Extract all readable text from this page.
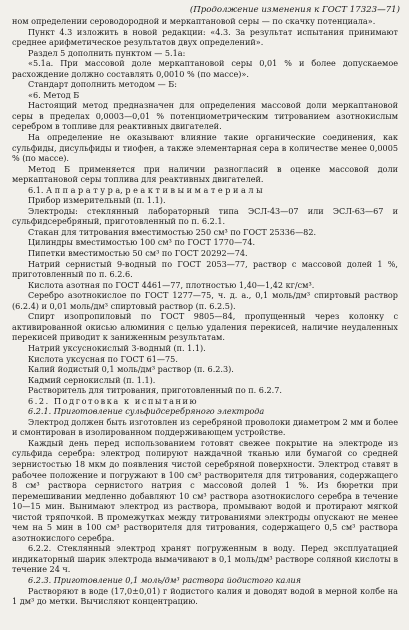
(Продолжение изменения к ГОСТ 17323—71)

ном определении сероводородной и меркаптановой серы — по скачку потенциала».

Пункт 4.3 изложить в новой редакции: «4.3. За результат испытания принимают среднее арифметическое результатов двух определений».

Раздел 5 дополнить пунктом — 5.1а:

«5.1а. При массовой доле меркаптановой серы 0,01 % и более допускаемое расхождение должно составлять 0,0010 % (по массе)».

Стандарт дополнить методом — Б:

«6. Метод Б

Настоящий метод предназначен для определения массовой доли меркаптановой серы в пределах 0,0003—0,01 % потенциометрическим титрованием азотнокислым серебром в топливе для реактивных двигателей.

На определение не оказывают влияние такие органические соединения, как сульфиды, дисульфиды и тиофен, а также элементарная сера в количестве менее 0,0005 % (по массе).

Метод Б применяется при наличии разногласий в оценке массовой доли меркаптановой серы топлива для реактивных двигателей.

6.1. А п п а р а т у р а, р е а к т и в ы и м а т е р и а л ы

Прибор измерительный (п. 1.1).

Электроды: стеклянный лабораторный типа ЭСЛ-43—07 или ЭСЛ-63—67 и сульфидсеребряный, приготовленный по п. 6.2.1.

Стакан для титрования вместимостью 250 см³ по ГОСТ 25336—82.

Цилиндры вместимостью 100 см³ по ГОСТ 1770—74.

Пипетки вместимостью 50 см³ по ГОСТ 20292—74.

Натрий сернистый 9-водный по ГОСТ 2053—77, раствор с массовой долей 1 %, приготовленный по п. 6.2.6.

Кислота азотная по ГОСТ 4461—77, плотностью 1,40—1,42 кг/см³.

Серебро азотнокислое по ГОСТ 1277—75, ч. д. а., 0,1 моль/дм³ спиртовый раствор (6.2.4) и 0,01 моль/дм³ спиртовый раствор (п. 6.2.5).

Спирт изопропиловый по ГОСТ 9805—84, пропущенный через колонку с активированной окисью алюминия с целью удаления перекисей, наличие неудаленных перекисей приводит к заниженным результатам.

Натрий уксуснокислый 3-водный (п. 1.1).

Кислота уксусная по ГОСТ 61—75.

Калий йодистый 0,1 моль/дм³ раствор (п. 6.2.3).

Кадмий сернокислый (п. 1.1).

Растворитель для титрования, приготовленный по п. 6.2.7.

6.2. Подготовка к испытанию

6.2.1. Приготовление сульфидсеребряного электрода

Электрод должен быть изготовлен из серебряной проволоки диаметром 2 мм и более и смонтирован в изолированном поддерживающем устройстве.

Каждый день перед использованием готовят свежее покрытие на электроде из сульфида серебра: электрод полируют наждачной тканью или бумагой со средней зернистостью 18 мкм до появления чистой серебряной поверхности. Электрод ставят в рабочее положение и погружают в 100 см³ растворителя для титрования, содержащего 8 см³ раствора сернистого натрия с массовой долей 1 %. Из бюретки при перемешивании медленно добавляют 10 см³ раствора азотнокислого серебра в течение 10—15 мин. Вынимают электрод из раствора, промывают водой и протирают мягкой чистой тряпочкой. В промежутках между титрованиями электроды опускают не менее чем на 5 мин в 100 см³ растворителя для титрования, содержащего 0,5 см³ раствора азотнокислого серебра.

6.2.2. Стеклянный электрод хранят погруженным в воду. Перед эксплуатацией индикаторный шарик электрода вымачивают в 0,1 моль/дм³ растворе соляной кислоты в течение 24 ч.

6.2.3. Приготовление 0,1 моль/дм³ раствора йодистого калия

Растворяют в воде (17,0±0,01) г йодистого калия и доводят водой в мерной колбе на 1 дм³ до метки. Вычисляют концентрацию.
